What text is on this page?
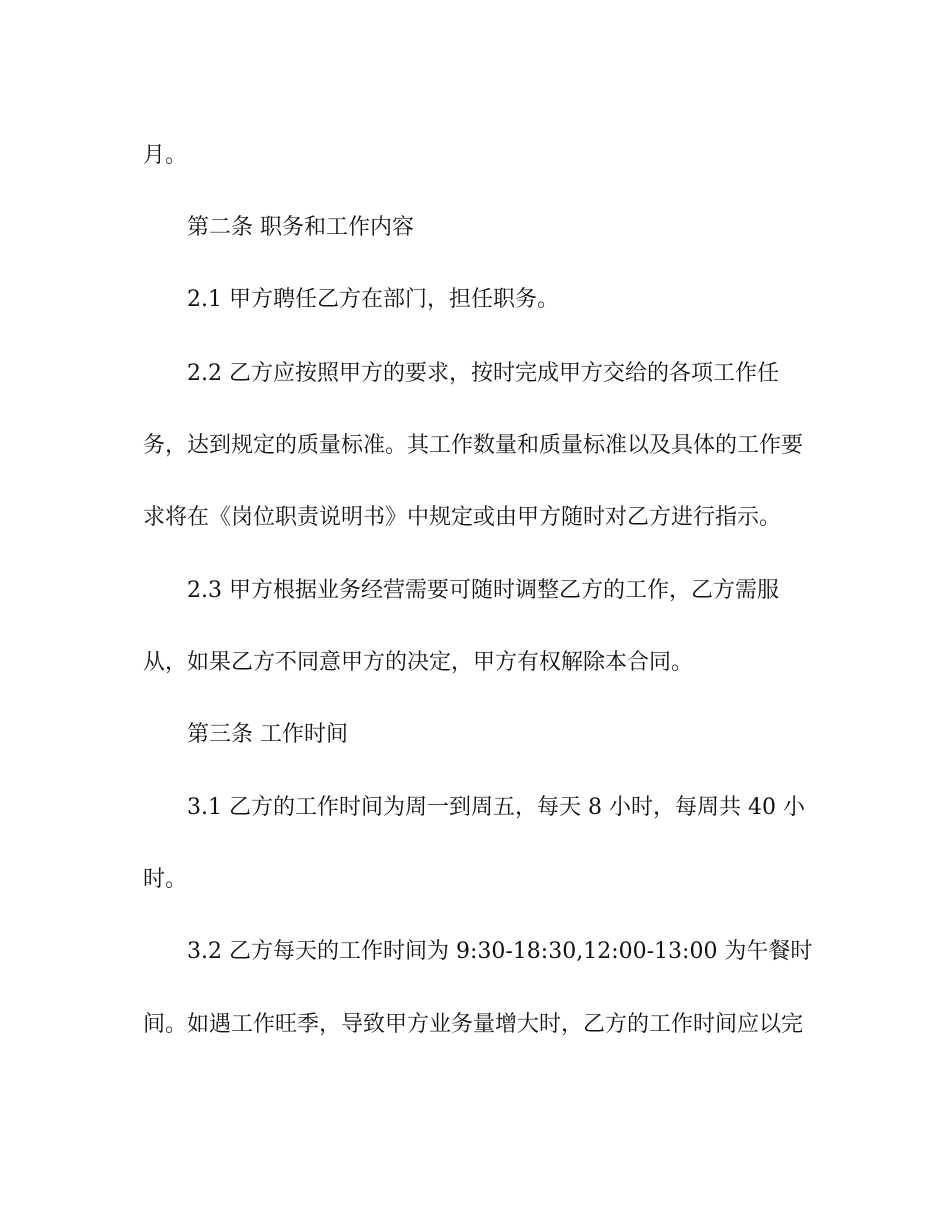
月。
第二条 职务和工作内容
2.1 甲方聘任乙方在部门，担任职务。
2.2 乙方应按照甲方的要求，按时完成甲方交给的各项工作任
务，达到规定的质量标准。其工作数量和质量标准以及具体的工作要
求将在《岗位职责说明书》中规定或由甲方随时对乙方进行指示。
2.3 甲方根据业务经营需要可随时调整乙方的工作，乙方需服
从，如果乙方不同意甲方的决定，甲方有权解除本合同。
第三条 工作时间
3.1 乙方的工作时间为周一到周五，每天 8 小时，每周共 40 小
时。
3.2 乙方每天的工作时间为 9:30-18:30,12:00-13:00 为午餐时
间。如遇工作旺季，导致甲方业务量增大时，乙方的工作时间应以完
